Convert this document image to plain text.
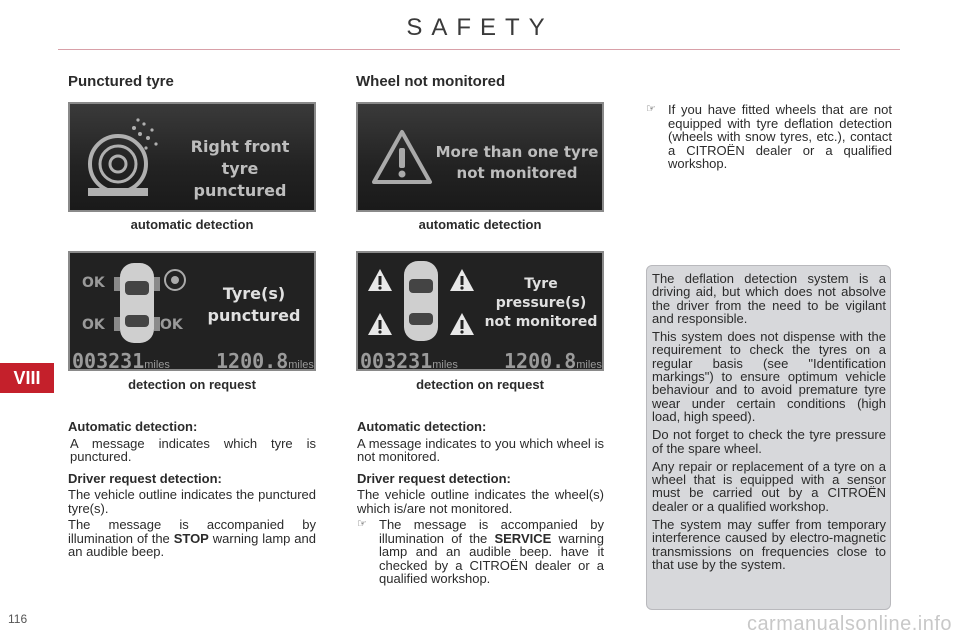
SAFETY
VIII
116
Punctured tyre
Right front tyre
punctured
automatic detection
OK
OK	OK
Tyre(s)
punctured
003231miles 1200.8miles
detection on request
Automatic detection:

A message indicates which tyre is punctured.

Driver request detection:

The vehicle outline indicates the punctured tyre(s).

The message is accompanied by illumination of the STOP warning lamp and an audible beep.

Wheel not monitored
More than one tyre
not monitored
automatic detection
Tyre
pressure(s)
not monitored
003231miles 1200.8miles
detection on request
Automatic detection:

A message indicates to you which wheel is not monitored.

Driver request detection:

The vehicle outline indicates the wheel(s) which is/are not monitored.

☞ The message is accompanied by illumination of the SERVICE warning lamp and an audible beep. have it checked by a CITROËN dealer or a qualified workshop.

☞ If you have fitted wheels that are not equipped with tyre deflation detection (wheels with snow tyres, etc.), contact a CITROËN dealer or a qualified workshop.

The deflation detection system is a driving aid, but which does not absolve the driver from the need to be vigilant and responsible.

This system does not dispense with the requirement to check the tyres on a regular basis (see "Identification markings") to ensure optimum vehicle behaviour and to avoid premature tyre wear under certain conditions (high load, high speed).

Do not forget to check the tyre pressure of the spare wheel.

Any repair or replacement of a tyre on a wheel that is equipped with a sensor must be carried out by a CITROËN dealer or a qualified workshop.

The system may suffer from temporary interference caused by electro-magnetic transmissions on frequencies close to that use by the system.

carmanualsonline.info
